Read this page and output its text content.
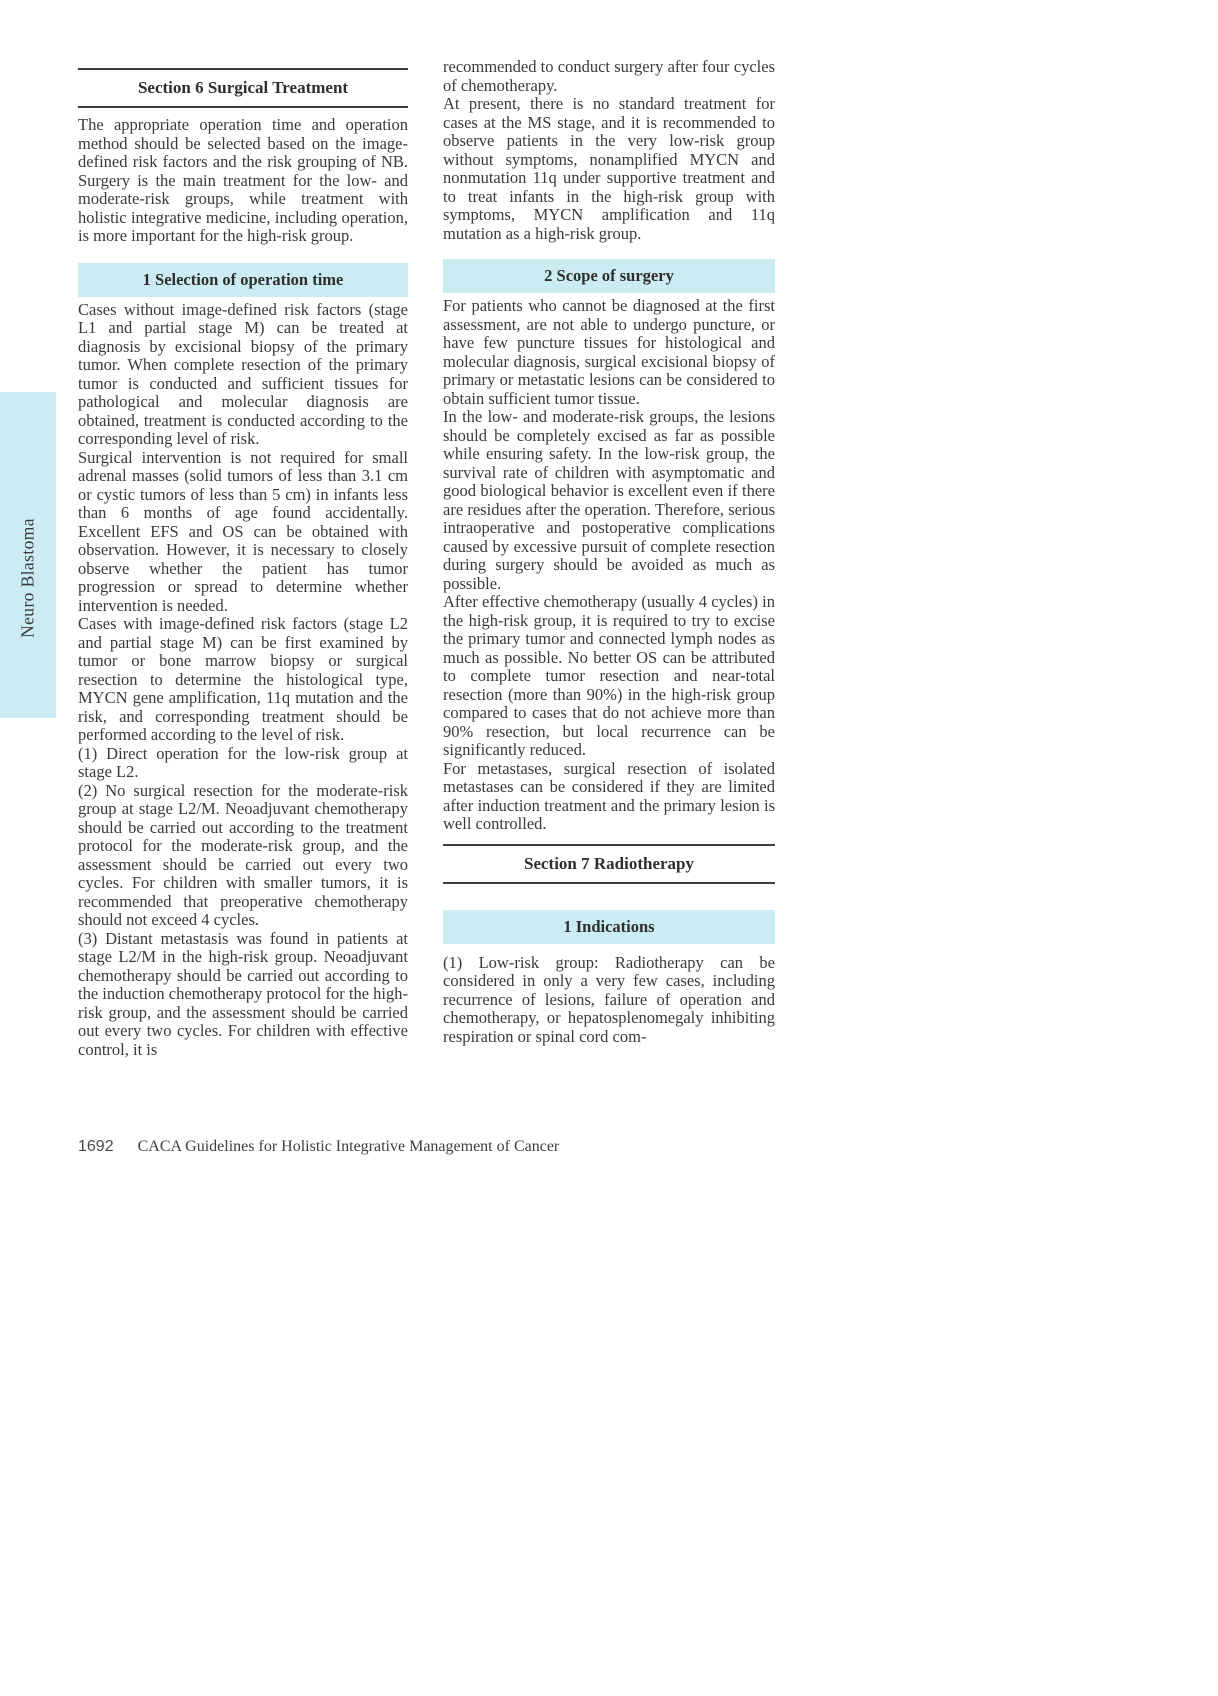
Neuro Blastoma
Section 6 Surgical Treatment

The appropriate operation time and operation method should be selected based on the image-defined risk factors and the risk grouping of NB. Surgery is the main treatment for the low- and moderate-risk groups, while treatment with holistic integrative medicine, including operation, is more important for the high-risk group.

1 Selection of operation time

Cases without image-defined risk factors (stage L1 and partial stage M) can be treated at diagnosis by excisional biopsy of the primary tumor. When complete resection of the primary tumor is conducted and sufficient tissues for pathological and molecular diagnosis are obtained, treatment is conducted according to the corresponding level of risk.

Surgical intervention is not required for small adrenal masses (solid tumors of less than 3.1 cm or cystic tumors of less than 5 cm) in infants less than 6 months of age found accidentally. Excellent EFS and OS can be obtained with observation. However, it is necessary to closely observe whether the patient has tumor progression or spread to determine whether intervention is needed.

Cases with image-defined risk factors (stage L2 and partial stage M) can be first examined by tumor or bone marrow biopsy or surgical resection to determine the histological type, MYCN gene amplification, 11q mutation and the risk, and corresponding treatment should be performed according to the level of risk.

(1) Direct operation for the low-risk group at stage L2.

(2) No surgical resection for the moderate-risk group at stage L2/M. Neoadjuvant chemotherapy should be carried out according to the treatment protocol for the moderate-risk group, and the assessment should be carried out every two cycles. For children with smaller tumors, it is recommended that preoperative chemotherapy should not exceed 4 cycles.

(3) Distant metastasis was found in patients at stage L2/M in the high-risk group. Neoadjuvant chemotherapy should be carried out according to the induction chemotherapy protocol for the high-risk group, and the assessment should be carried out every two cycles. For children with effective control, it is

recommended to conduct surgery after four cycles of chemotherapy.

At present, there is no standard treatment for cases at the MS stage, and it is recommended to observe patients in the very low-risk group without symptoms, nonamplified MYCN and nonmutation 11q under supportive treatment and to treat infants in the high-risk group with symptoms, MYCN amplification and 11q mutation as a high-risk group.

2 Scope of surgery

For patients who cannot be diagnosed at the first assessment, are not able to undergo puncture, or have few puncture tissues for histological and molecular diagnosis, surgical excisional biopsy of primary or metastatic lesions can be considered to obtain sufficient tumor tissue.

In the low- and moderate-risk groups, the lesions should be completely excised as far as possible while ensuring safety. In the low-risk group, the survival rate of children with asymptomatic and good biological behavior is excellent even if there are residues after the operation. Therefore, serious intraoperative and postoperative complications caused by excessive pursuit of complete resection during surgery should be avoided as much as possible.

After effective chemotherapy (usually 4 cycles) in the high-risk group, it is required to try to excise the primary tumor and connected lymph nodes as much as possible. No better OS can be attributed to complete tumor resection and near-total resection (more than 90%) in the high-risk group compared to cases that do not achieve more than 90% resection, but local recurrence can be significantly reduced.

For metastases, surgical resection of isolated metastases can be considered if they are limited after induction treatment and the primary lesion is well controlled.

Section 7 Radiotherapy
1 Indications

(1) Low-risk group: Radiotherapy can be considered in only a very few cases, including recurrence of lesions, failure of operation and chemotherapy, or hepatosplenomegaly inhibiting respiration or spinal cord com-

1692 CACA Guidelines for Holistic Integrative Management of Cancer
